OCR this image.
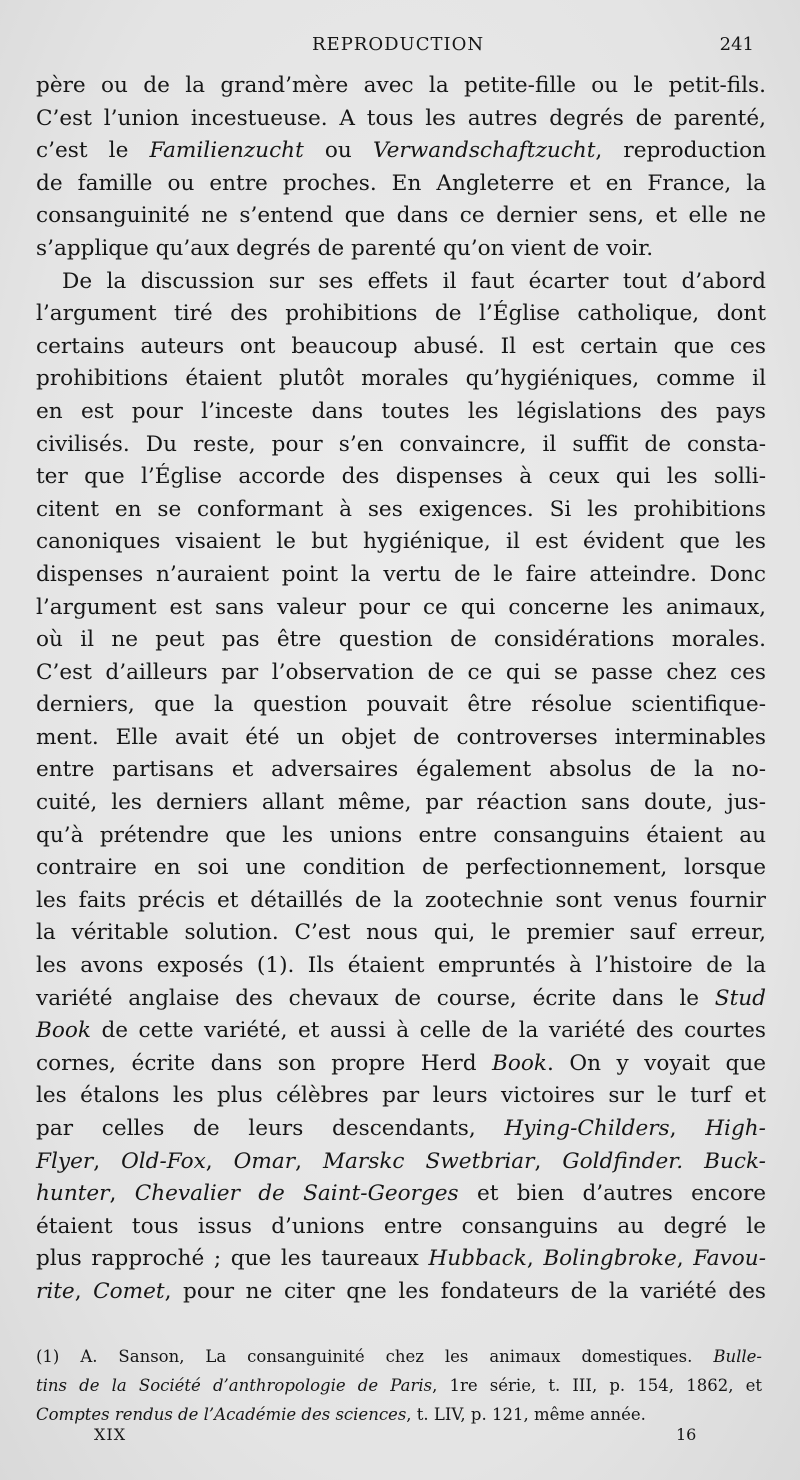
REPRODUCTION	241
père ou de la grand’mère avec la petite-fille ou le petit-fils.
C’est l’union incestueuse. A tous les autres degrés de parenté,
c’est le Familienzucht ou Verwandschaftzucht, reproduction
de famille ou entre proches. En Angleterre et en France, la
consanguinité ne s’entend que dans ce dernier sens, et elle ne
s’applique qu’aux degrés de parenté qu’on vient de voir.
De la discussion sur ses effets il faut écarter tout d’abord
l’argument tiré des prohibitions de l’Église catholique, dont
certains auteurs ont beaucoup abusé. Il est certain que ces
prohibitions étaient plutôt morales qu’hygiéniques, comme il
en est pour l’inceste dans toutes les législations des pays
civilisés. Du reste, pour s’en convaincre, il suffit de consta-
ter que l’Église accorde des dispenses à ceux qui les solli-
citent en se conformant à ses exigences. Si les prohibitions
canoniques visaient le but hygiénique, il est évident que les
dispenses n’auraient point la vertu de le faire atteindre. Donc
l’argument est sans valeur pour ce qui concerne les animaux,
où il ne peut pas être question de considérations morales.
C’est d’ailleurs par l’observation de ce qui se passe chez ces
derniers, que la question pouvait être résolue scientifique-
ment. Elle avait été un objet de controverses interminables
entre partisans et adversaires également absolus de la no-
cuité, les derniers allant même, par réaction sans doute, jus-
qu’à prétendre que les unions entre consanguins étaient au
contraire en soi une condition de perfectionnement, lorsque
les faits précis et détaillés de la zootechnie sont venus fournir
la véritable solution. C’est nous qui, le premier sauf erreur,
les avons exposés (1). Ils étaient empruntés à l’histoire de la
variété anglaise des chevaux de course, écrite dans le Stud
Book de cette variété, et aussi à celle de la variété des courtes
cornes, écrite dans son propre Herd Book. On y voyait que
les étalons les plus célèbres par leurs victoires sur le turf et
par celles de leurs descendants, Hying-Childers, High-
Flyer, Old-Fox, Omar, Marskc Swetbriar, Goldfinder. Buck-
hunter, Chevalier de Saint-Georges et bien d’autres encore
étaient tous issus d’unions entre consanguins au degré le
plus rapproché ; que les taureaux Hubback, Bolingbroke, Favou-
rite, Comet, pour ne citer qne les fondateurs de la variété des
(1) A. Sanson, La consanguinité chez les animaux domestiques. Bulle-
tins de la Société d’anthropologie de Paris, 1re série, t. III, p. 154, 1862, et
Comptes rendus de l’Académie des sciences, t. LIV, p. 121, même année.
XIX	16
